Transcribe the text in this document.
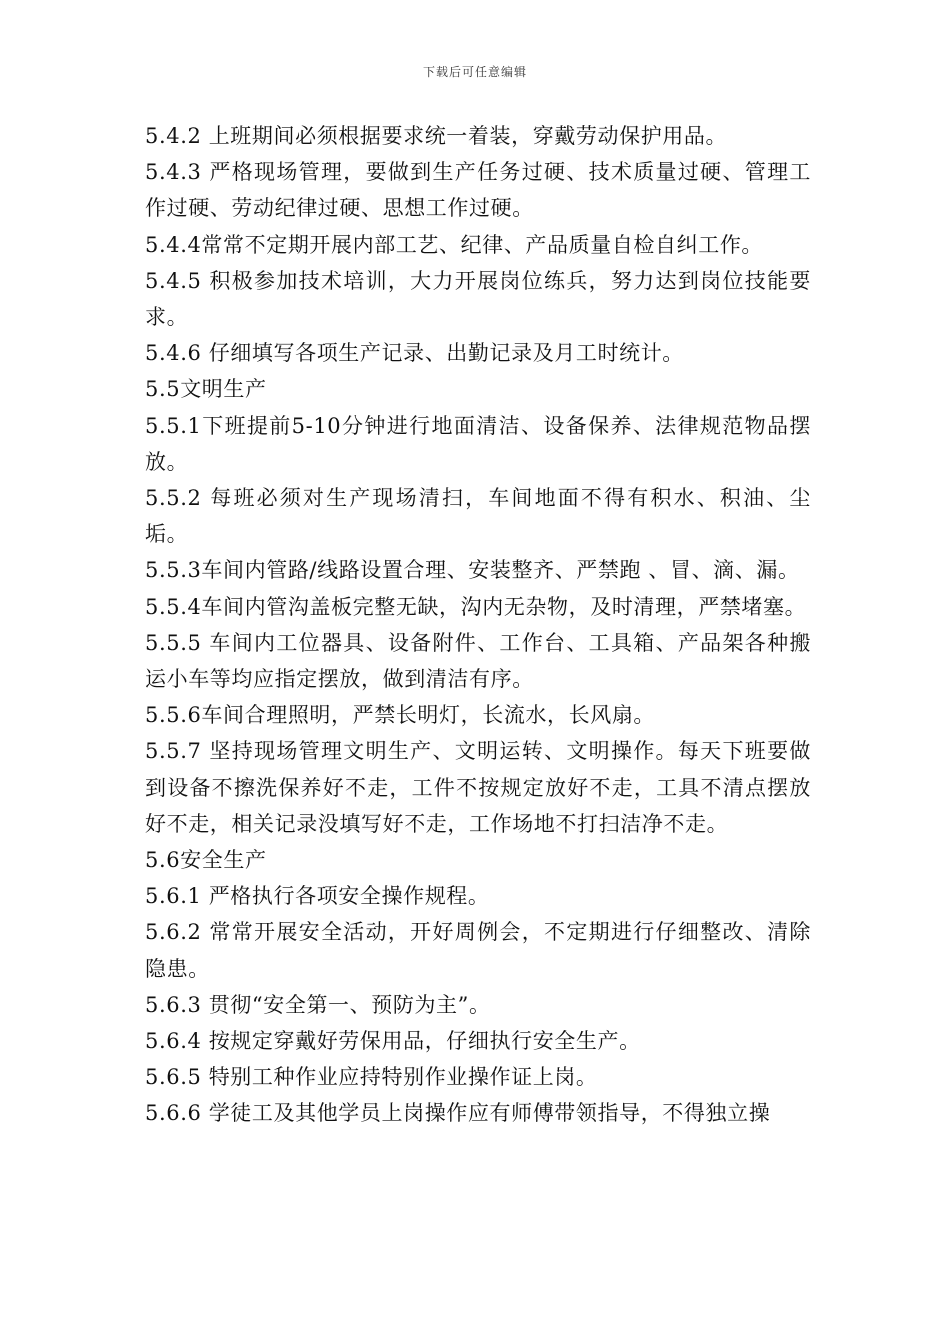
下载后可任意编辑

5.4.2 上班期间必须根据要求统一着装，穿戴劳动保护用品。

5.4.3 严格现场管理，要做到生产任务过硬、技术质量过硬、管理工作过硬、劳动纪律过硬、思想工作过硬。

5.4.4常常不定期开展内部工艺、纪律、产品质量自检自纠工作。

5.4.5 积极参加技术培训，大力开展岗位练兵，努力达到岗位技能要求。

5.4.6 仔细填写各项生产记录、出勤记录及月工时统计。

5.5文明生产

5.5.1下班提前5-10分钟进行地面清洁、设备保养、法律规范物品摆放。

5.5.2 每班必须对生产现场清扫，车间地面不得有积水、积油、尘垢。

5.5.3车间内管路/线路设置合理、安装整齐、严禁跑 、冒、滴、漏。

5.5.4车间内管沟盖板完整无缺，沟内无杂物，及时清理，严禁堵塞。

5.5.5 车间内工位器具、设备附件、工作台、工具箱、产品架各种搬运小车等均应指定摆放，做到清洁有序。

5.5.6车间合理照明，严禁长明灯，长流水，长风扇。

5.5.7 坚持现场管理文明生产、文明运转、文明操作。每天下班要做到设备不擦洗保养好不走，工件不按规定放好不走，工具不清点摆放好不走，相关记录没填写好不走，工作场地不打扫洁净不走。

5.6安全生产

5.6.1 严格执行各项安全操作规程。

5.6.2 常常开展安全活动，开好周例会，不定期进行仔细整改、清除隐患。

5.6.3 贯彻“安全第一、预防为主”。

5.6.4 按规定穿戴好劳保用品，仔细执行安全生产。

5.6.5 特别工种作业应持特别作业操作证上岗。

5.6.6 学徒工及其他学员上岗操作应有师傅带领指导，不得独立操
